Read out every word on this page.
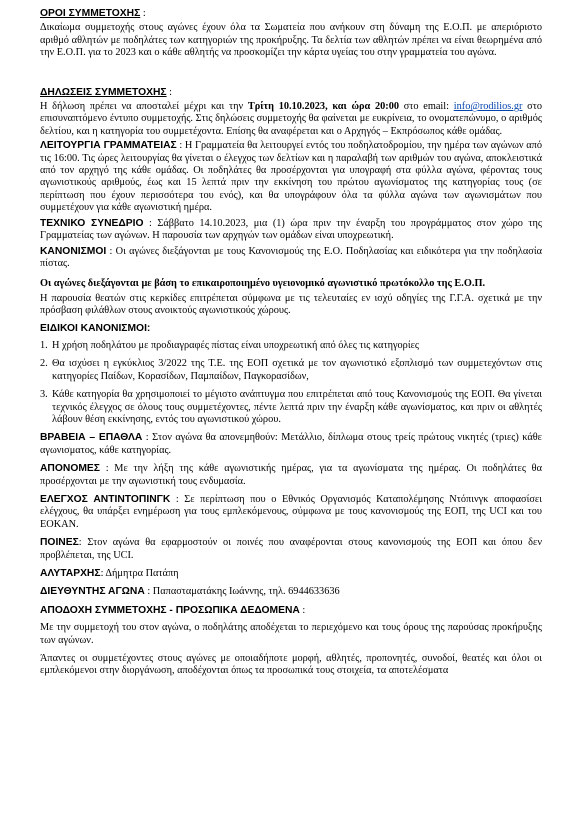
ΟΡΟΙ ΣΥΜΜΕΤΟΧΗΣ :

Δικαίωμα συμμετοχής στους αγώνες έχουν όλα τα Σωματεία που ανήκουν στη δύναμη της Ε.Ο.Π. με απεριόριστο αριθμό αθλητών με ποδηλάτες των κατηγοριών της προκήρυξης. Τα δελτία των αθλητών πρέπει να είναι θεωρημένα από την Ε.Ο.Π. για το 2023 και ο κάθε αθλητής να προσκομίζει την κάρτα υγείας του στην γραμματεία του αγώνα.

ΔΗΛΩΣΕΙΣ ΣΥΜΜΕΤΟΧΗΣ :

Η δήλωση πρέπει να αποσταλεί μέχρι και την Τρίτη 10.10.2023, και ώρα 20:00 στο email: info@rodilios.gr στο επισυναπτόμενο έντυπο συμμετοχής. Στις δηλώσεις συμμετοχής θα φαίνεται με ευκρίνεια, το ονοματεπώνυμο, ο αριθμός δελτίου, και η κατηγορία του συμμετέχοντα. Επίσης θα αναφέρεται και ο Αρχηγός – Εκπρόσωπος κάθε ομάδας.

ΛΕΙΤΟΥΡΓΙΑ ΓΡΑΜΜΑΤΕΙΑΣ : Η Γραμματεία θα λειτουργεί εντός του ποδηλατοδρομίου, την ημέρα των αγώνων από τις 16:00. Τις ώρες λειτουργίας θα γίνεται ο έλεγχος των δελτίων και η παραλαβή των αριθμών του αγώνα, αποκλειστικά από τον αρχηγό της κάθε ομάδας. Οι ποδηλάτες θα προσέρχονται για υπογραφή στα φύλλα αγώνα, φέροντας τους αγωνιστικούς αριθμούς, έως και 15 λεπτά πριν την εκκίνηση του πρώτου αγωνίσματος της κατηγορίας τους (σε περίπτωση που έχουν περισσότερα του ενός), και θα υπογράφουν όλα τα φύλλα αγώνα των αγωνισμάτων που συμμετέχουν για κάθε αγωνιστική ημέρα.

ΤΕΧΝΙΚΟ ΣΥΝΕΔΡΙΟ : Σάββατο 14.10.2023, μια (1) ώρα πριν την έναρξη του προγράμματος στον χώρο της Γραμματείας των αγώνων. Η παρουσία των αρχηγών των ομάδων είναι υποχρεωτική.

ΚΑΝΟΝΙΣΜΟΙ : Οι αγώνες διεξάγονται με τους Κανονισμούς της Ε.Ο. Ποδηλασίας και ειδικότερα για την ποδηλασία πίστας.

Οι αγώνες διεξάγονται με βάση το επικαιροποιημένο υγειονομικό αγωνιστικό πρωτόκολλο της Ε.Ο.Π.

Η παρουσία θεατών στις κερκίδες επιτρέπεται σύμφωνα με τις τελευταίες εν ισχύ οδηγίες της Γ.Γ.Α. σχετικά με την πρόσβαση φιλάθλων στους ανοικτούς αγωνιστικούς χώρους.

ΕΙΔΙΚΟΙ ΚΑΝΟΝΙΣΜΟΙ:

1. Η χρήση ποδηλάτου με προδιαγραφές πίστας είναι υποχρεωτική από όλες τις κατηγορίες
2. Θα ισχύσει η εγκύκλιος 3/2022 της Τ.Ε. της ΕΟΠ σχετικά με τον αγωνιστικό εξοπλισμό των συμμετεχόντων στις κατηγορίες Παίδων, Κορασίδων, Παμπαίδων, Παγκορασίδων,
3. Κάθε κατηγορία θα χρησιμοποιεί το μέγιστο ανάπτυγμα που επιτρέπεται από τους Κανονισμούς της ΕΟΠ. Θα γίνεται τεχνικός έλεγχος σε όλους τους συμμετέχοντες, πέντε λεπτά πριν την έναρξη κάθε αγωνίσματος, και πριν οι αθλητές λάβουν θέση εκκίνησης, εντός του αγωνιστικού χώρου.

ΒΡΑΒΕΙΑ – ΕΠΑΘΛΑ : Στον αγώνα θα απονεμηθούν: Μετάλλιο, δίπλωμα στους τρείς πρώτους νικητές (τριες) κάθε αγωνισματος, κάθε κατηγορίας.

ΑΠΟΝΟΜΕΣ : Με την λήξη της κάθε αγωνιστικής ημέρας, για τα αγωνίσματα της ημέρας. Οι ποδηλάτες θα προσέρχονται με την αγωνιστική τους ενδυμασία.

ΕΛΕΓΧΟΣ ΑΝΤΙΝΤΟΠΙΝΓΚ : Σε περίπτωση που ο Εθνικός Οργανισμός Καταπολέμησης Ντόπινγκ αποφασίσει ελέγχους, θα υπάρξει ενημέρωση για τους εμπλεκόμενους, σύμφωνα με τους κανονισμούς της ΕΟΠ, της UCI και του ΕΟΚΑΝ.

ΠΟΙΝΕΣ: Στον αγώνα θα εφαρμοστούν οι ποινές που αναφέρονται στους κανονισμούς της ΕΟΠ και όπου δεν προβλέπεται, της UCI.

ΑΛΥΤΑΡΧΗΣ: Δήμητρα Πατάπη

ΔΙΕΥΘΥΝΤΗΣ ΑΓΩΝΑ : Παπασταματάκης Ιωάννης, τηλ. 6944633636

ΑΠΟΔΟΧΗ ΣΥΜΜΕΤΟΧΗΣ - ΠΡΟΣΩΠΙΚΑ ΔΕΔΟΜΕΝΑ :

Με την συμμετοχή του στον αγώνα, ο ποδηλάτης αποδέχεται το περιεχόμενο και τους όρους της παρούσας προκήρυξης των αγώνων.

Άπαντες οι συμμετέχοντες στους αγώνες με οποιαδήποτε μορφή, αθλητές, προπονητές, συνοδοί, θεατές και όλοι οι εμπλεκόμενοι στην διοργάνωση, αποδέχονται όπως τα προσωπικά τους στοιχεία, τα αποτελέσματα
